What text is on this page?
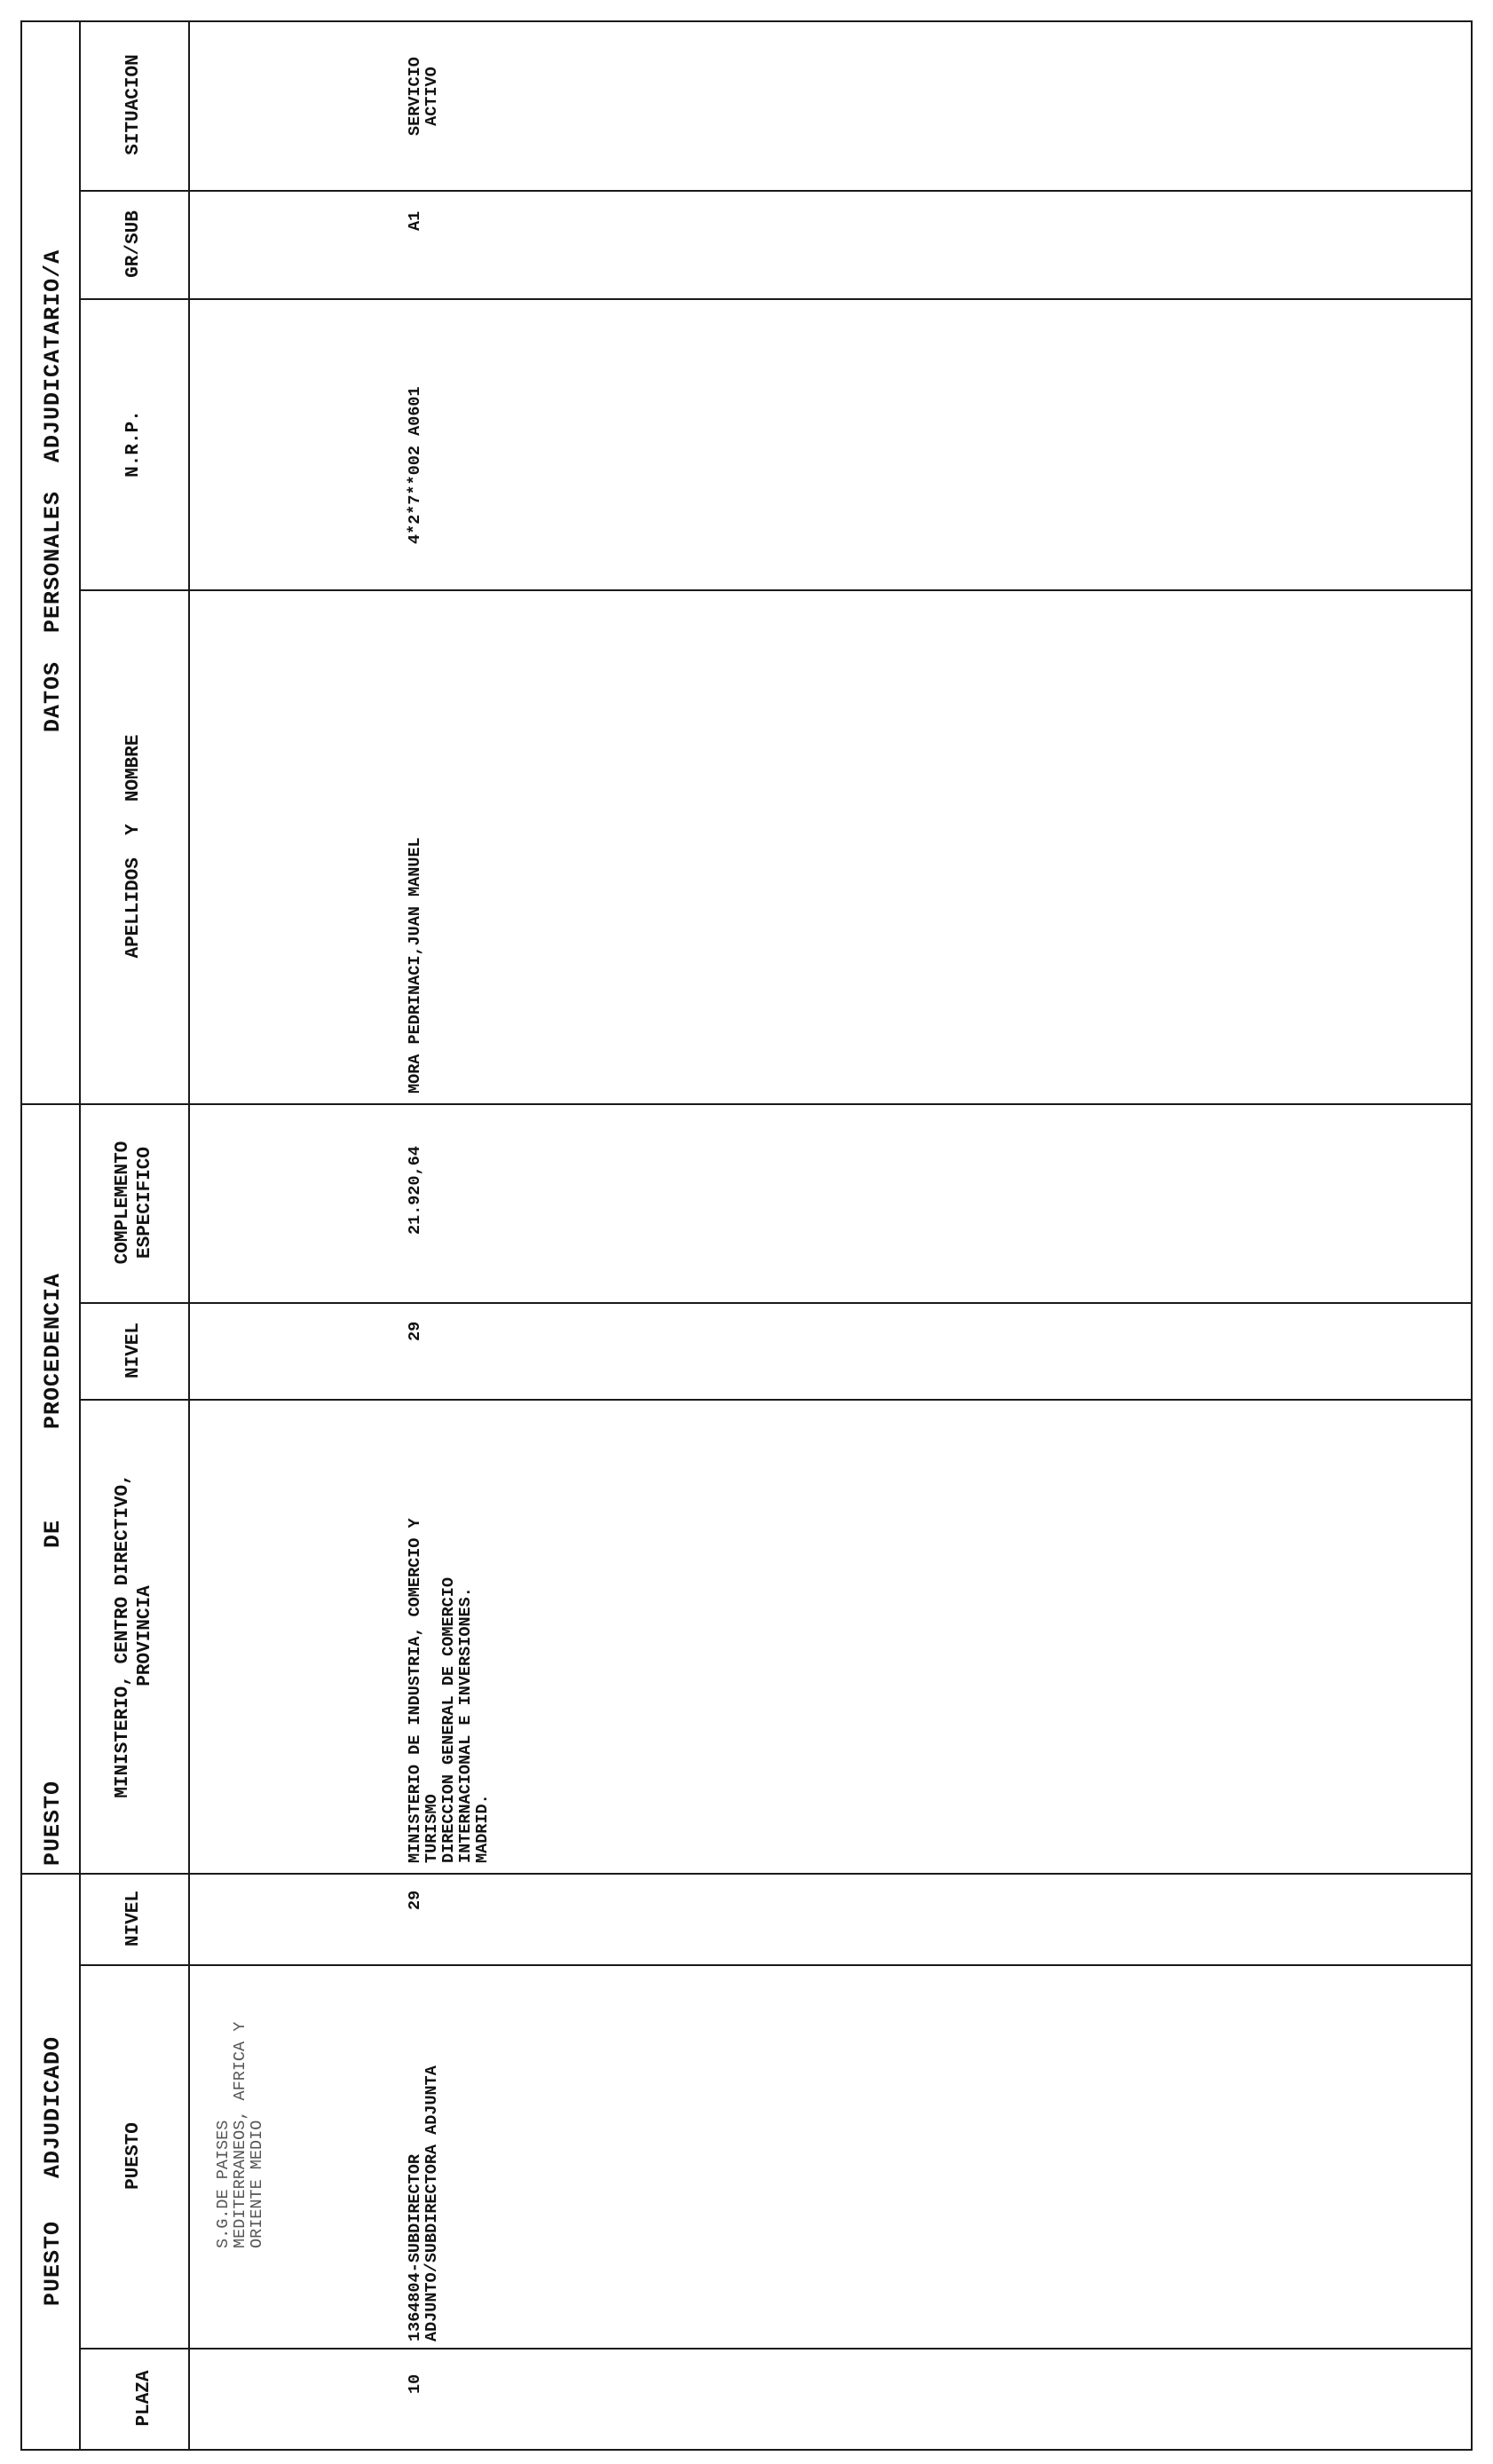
DATOS  PERSONALES  ADJUDICATARIO/A
PROCEDENCIA
DE
PUESTO
PUESTO   ADJUDICADO
SITUACION
GR/SUB
N.R.P.
APELLIDOS  Y  NOMBRE
COMPLEMENTO
ESPECIFICO
NIVEL
MINISTERIO, CENTRO DIRECTIVO,
PROVINCIA
NIVEL
PUESTO
PLAZA
S.G.DE PAISES
MEDITERRANEOS, AFRICA Y
ORIENTE MEDIO
SERVICIO
ACTIVO
A1
4*2*7**002 A0601
MORA PEDRINACI,JUAN MANUEL
21.920,64
29
MINISTERIO DE INDUSTRIA, COMERCIO Y
TURISMO
DIRECCION GENERAL DE COMERCIO
INTERNACIONAL E INVERSIONES.
MADRID.
29
1364804-SUBDIRECTOR
ADJUNTO/SUBDIRECTORA ADJUNTA
10
